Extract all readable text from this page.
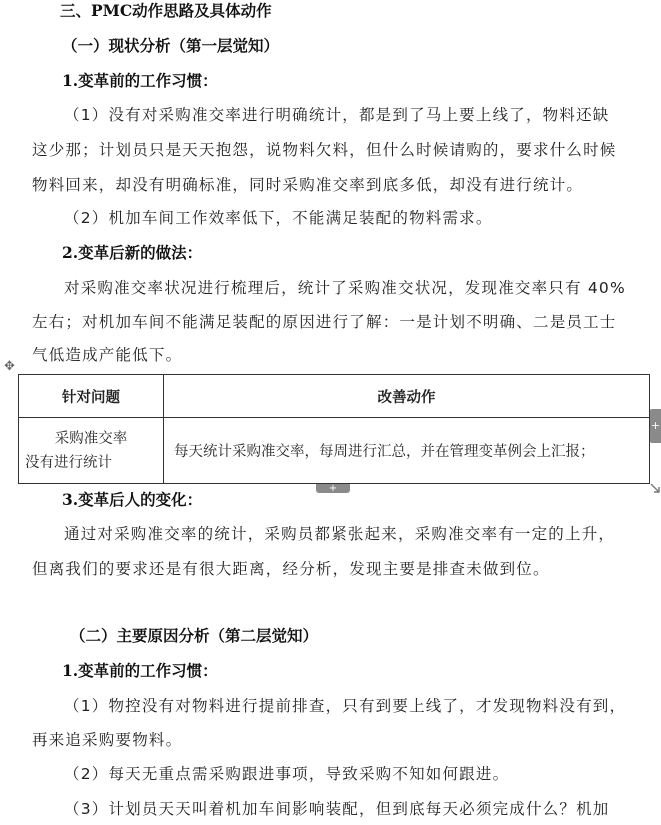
三、PMC动作思路及具体动作
（一）现状分析（第一层觉知）
1.变革前的工作习惯：
（1）没有对采购准交率进行明确统计，都是到了马上要上线了，物料还缺
这少那；计划员只是天天抱怨，说物料欠料，但什么时候请购的，要求什么时候
物料回来，却没有明确标准，同时采购准交率到底多低，却没有进行统计。
（2）机加车间工作效率低下，不能满足装配的物料需求。
2.变革后新的做法：
对采购准交率状况进行梳理后，统计了采购准交状况，发现准交率只有 40%
左右；对机加车间不能满足装配的原因进行了解：一是计划不明确、二是员工士
气低造成产能低下。
✥
针对问题	改善动作

采购准交率
没有进行统计	每天统计采购准交率，每周进行汇总，并在管理变革例会上汇报；
+
+
3.变革后人的变化：
通过对采购准交率的统计，采购员都紧张起来，采购准交率有一定的上升，
但离我们的要求还是有很大距离，经分析，发现主要是排查未做到位。
（二）主要原因分析（第二层觉知）
1.变革前的工作习惯：
（1）物控没有对物料进行提前排查，只有到要上线了，才发现物料没有到，
再来追采购要物料。
（2）每天无重点需采购跟进事项，导致采购不知如何跟进。
（3）计划员天天叫着机加车间影响装配，但到底每天必须完成什么？机加
